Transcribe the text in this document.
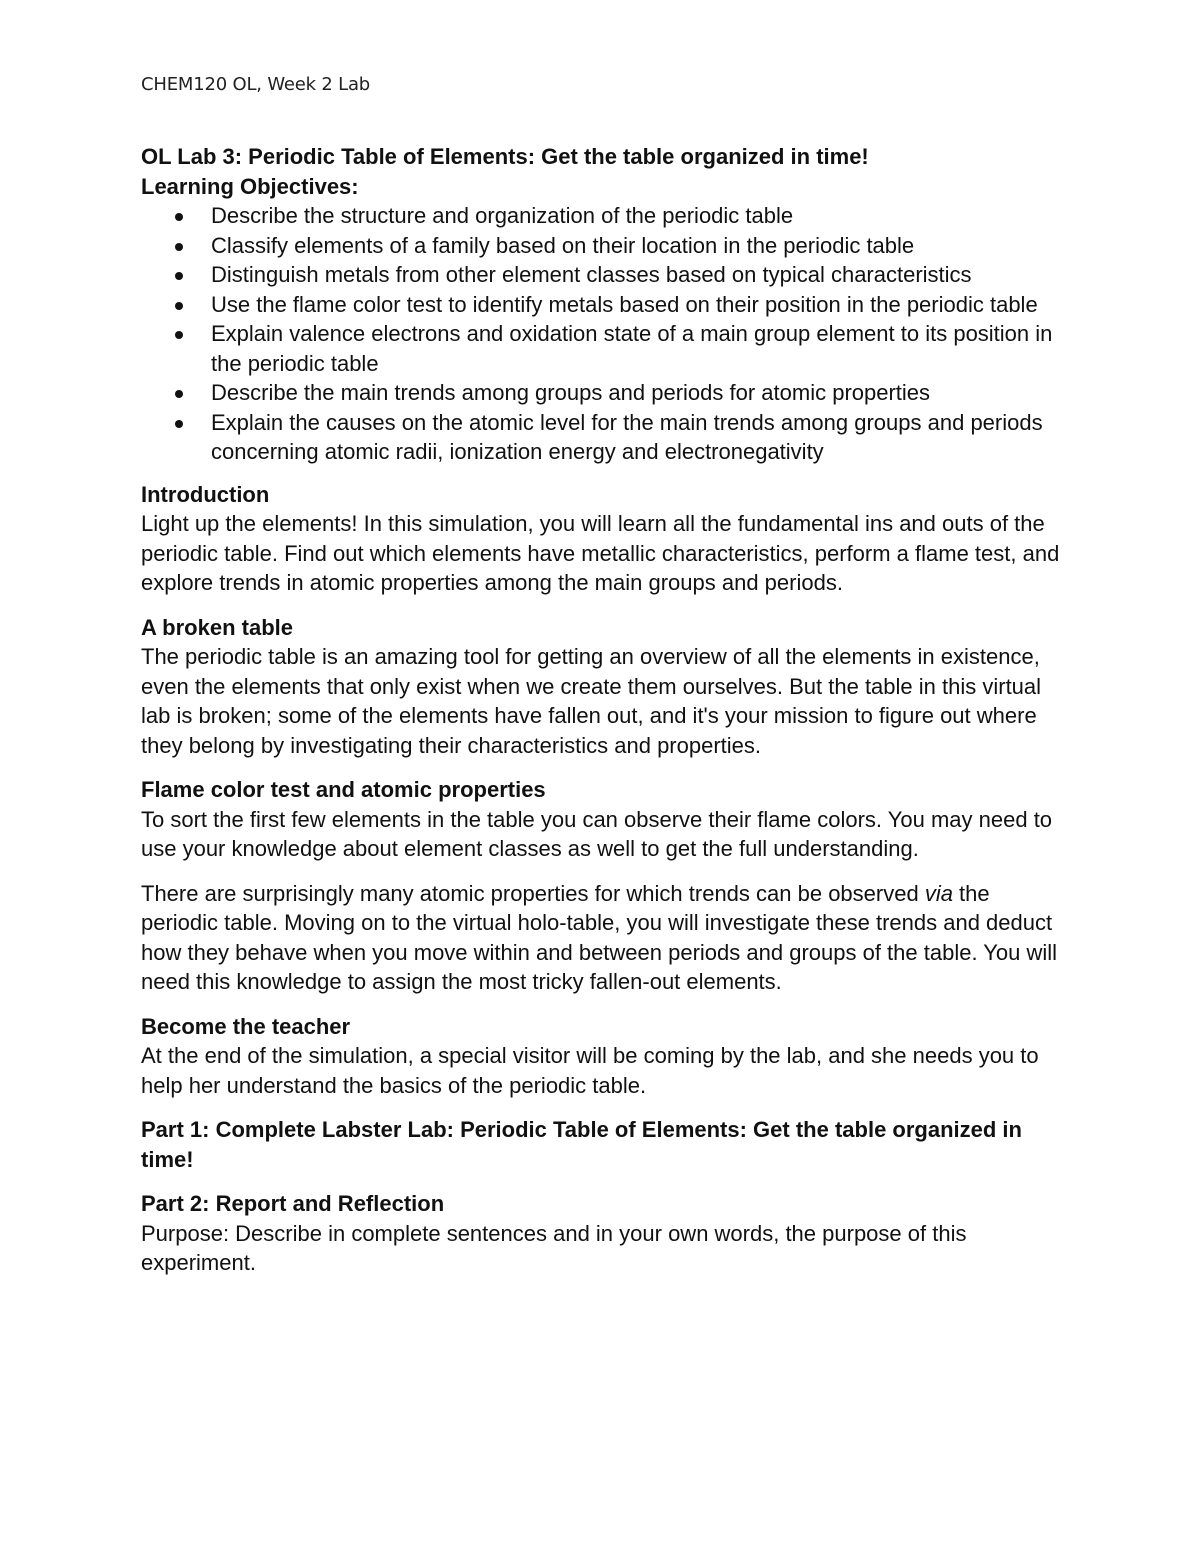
CHEM120 OL, Week 2 Lab

OL Lab 3: Periodic Table of Elements: Get the table organized in time!

Learning Objectives:

Describe the structure and organization of the periodic table
Classify elements of a family based on their location in the periodic table
Distinguish metals from other element classes based on typical characteristics
Use the flame color test to identify metals based on their position in the periodic table
Explain valence electrons and oxidation state of a main group element to its position in the periodic table
Describe the main trends among groups and periods for atomic properties
Explain the causes on the atomic level for the main trends among groups and periods concerning atomic radii, ionization energy and electronegativity
Introduction
Light up the elements! In this simulation, you will learn all the fundamental ins and outs of the periodic table. Find out which elements have metallic characteristics, perform a flame test, and explore trends in atomic properties among the main groups and periods.
A broken table
The periodic table is an amazing tool for getting an overview of all the elements in existence, even the elements that only exist when we create them ourselves. But the table in this virtual lab is broken; some of the elements have fallen out, and it's your mission to figure out where they belong by investigating their characteristics and properties.
Flame color test and atomic properties
To sort the first few elements in the table you can observe their flame colors. You may need to use your knowledge about element classes as well to get the full understanding.
There are surprisingly many atomic properties for which trends can be observed via the periodic table. Moving on to the virtual holo-table, you will investigate these trends and deduct how they behave when you move within and between periods and groups of the table. You will need this knowledge to assign the most tricky fallen-out elements.
Become the teacher
At the end of the simulation, a special visitor will be coming by the lab, and she needs you to help her understand the basics of the periodic table.
Part 1: Complete Labster Lab: Periodic Table of Elements: Get the table organized in time!
Part 2: Report and Reflection
Purpose: Describe in complete sentences and in your own words, the purpose of this experiment.
